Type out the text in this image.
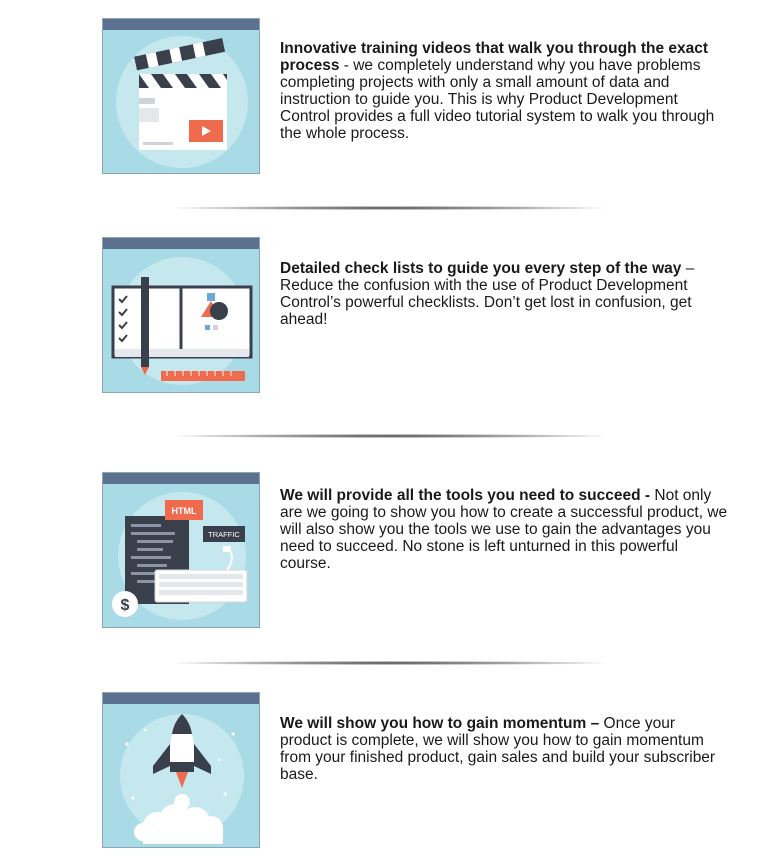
Innovative training videos that walk you through the exact process - we completely understand why you have problems completing projects with only a small amount of data and instruction to guide you. This is why Product Development Control provides a full video tutorial system to walk you through the whole process.
Detailed check lists to guide you every step of the way – Reduce the confusion with the use of Product Development Control’s powerful checklists. Don’t get lost in confusion, get ahead!
HTML
TRAFFIC
$
We will provide all the tools you need to succeed - Not only are we going to show you how to create a successful product, we will also show you the tools we use to gain the advantages you need to succeed. No stone is left unturned in this powerful course.
We will show you how to gain momentum – Once your product is complete, we will show you how to gain momentum from your finished product, gain sales and build your subscriber base.
